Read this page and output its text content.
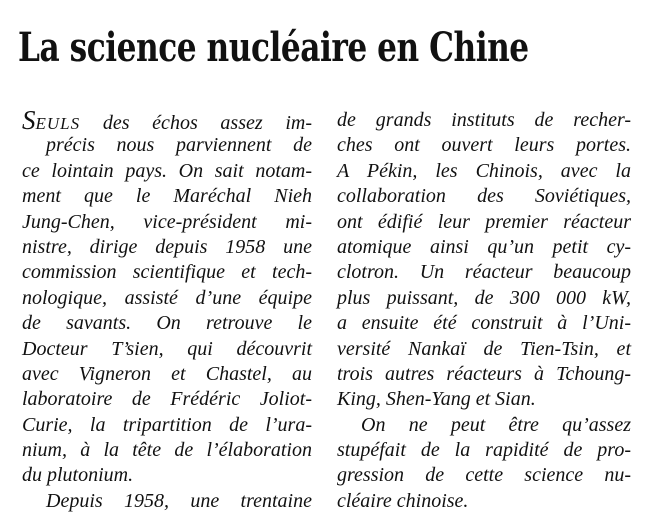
La science nucléaire en Chine
SEULS des échos assez im-
précis nous parviennent de
ce lointain pays. On sait notam-
ment que le Maréchal Nieh
Jung-Chen, vice-président mi-
nistre, dirige depuis 1958 une
commission scientifique et tech-
nologique, assisté d’une équipe
de savants. On retrouve le
Docteur T’sien, qui découvrit
avec Vigneron et Chastel, au
laboratoire de Frédéric Joliot-
Curie, la tripartition de l’ura-
nium, à la tête de l’élaboration
du plutonium.
Depuis 1958, une trentaine
de grands instituts de recher-
ches ont ouvert leurs portes.
A Pékin, les Chinois, avec la
collaboration des Soviétiques,
ont édifié leur premier réacteur
atomique ainsi qu’un petit cy-
clotron. Un réacteur beaucoup
plus puissant, de 300 000 kW,
a ensuite été construit à l’Uni-
versité Nankaï de Tien-Tsin, et
trois autres réacteurs à Tchoung-
King, Shen-Yang et Sian.
On ne peut être qu’assez
stupéfait de la rapidité de pro-
gression de cette science nu-
cléaire chinoise.
